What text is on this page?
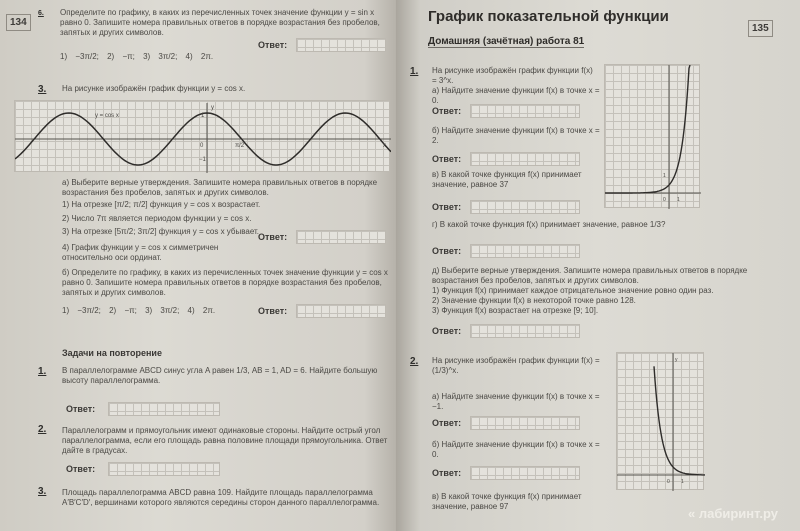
134
6. Определите по графику, в каких из перечисленных точек значение функции y = sin x равно 0. Запишите номера правильных ответов в порядке возрастания без пробелов, запятых и других символов.
1) −3π/2; 2) −π; 3) 3π/2; 4) 2π.
Ответ:
3. На рисунке изображён график функции y = cos x.
y = cos x	1
−1
0	π/2	x
y
а) Выберите верные утверждения. Запишите номера правильных ответов в порядке возрастания без пробелов, запятых и других символов.
1) На отрезке [π/2; π/2] функция y = cos x возрастает.
2) Число 7π является периодом функции y = cos x.
3) На отрезке [5π/2; 3π/2] функция y = cos x убывает.
4) График функции y = cos x симметричен относительно оси ординат.
Ответ:
б) Определите по графику, в каких из перечисленных точек значение функции y = cos x равно 0. Запишите номера правильных ответов в порядке возрастания без пробелов, запятых и других символов.
1) −3π/2; 2) −π; 3) 3π/2; 4) 2π.	Ответ:
Задачи на повторение
1. В параллелограмме ABCD синус угла A равен 1/3, AB = 1, AD = 6. Найдите большую высоту параллелограмма.
Ответ:
2. Параллелограмм и прямоугольник имеют одинаковые стороны. Найдите острый угол параллелограмма, если его площадь равна половине площади прямоугольника. Ответ дайте в градусах.
Ответ:
3. Площадь параллелограмма ABCD равна 109. Найдите площадь параллелограмма A′B′C′D′, вершинами которого являются середины сторон данного параллелограмма.
График показательной функции
135
Домашняя (зачётная) работа 81
1. На рисунке изображён график функции f(x) = 3^x.
а) Найдите значение функции f(x) в точке x = 0.
Ответ:
б) Найдите значение функции f(x) в точке x = 2.
Ответ:
в) В какой точке функция f(x) принимает значение, равное 37
Ответ:
1
0 1
г) В какой точке функция f(x) принимает значение, равное 1/3?
Ответ:
д) Выберите верные утверждения. Запишите номера правильных ответов в порядке возрастания без пробелов, запятых и других символов.
1) Функция f(x) принимает каждое отрицательное значение ровно один раз.
2) Значение функции f(x) в некоторой точке равно 128.
3) Функция f(x) возрастает на отрезке [9; 10].
Ответ:
2. На рисунке изображён график функции f(x) = (1/3)^x.
а) Найдите значение функции f(x) в точке x = −1.
Ответ:
б) Найдите значение функции f(x) в точке x = 0.
Ответ:
в) В какой точке функция f(x) принимает значение, равное 97
y
0 1
« лабиринт.ру
